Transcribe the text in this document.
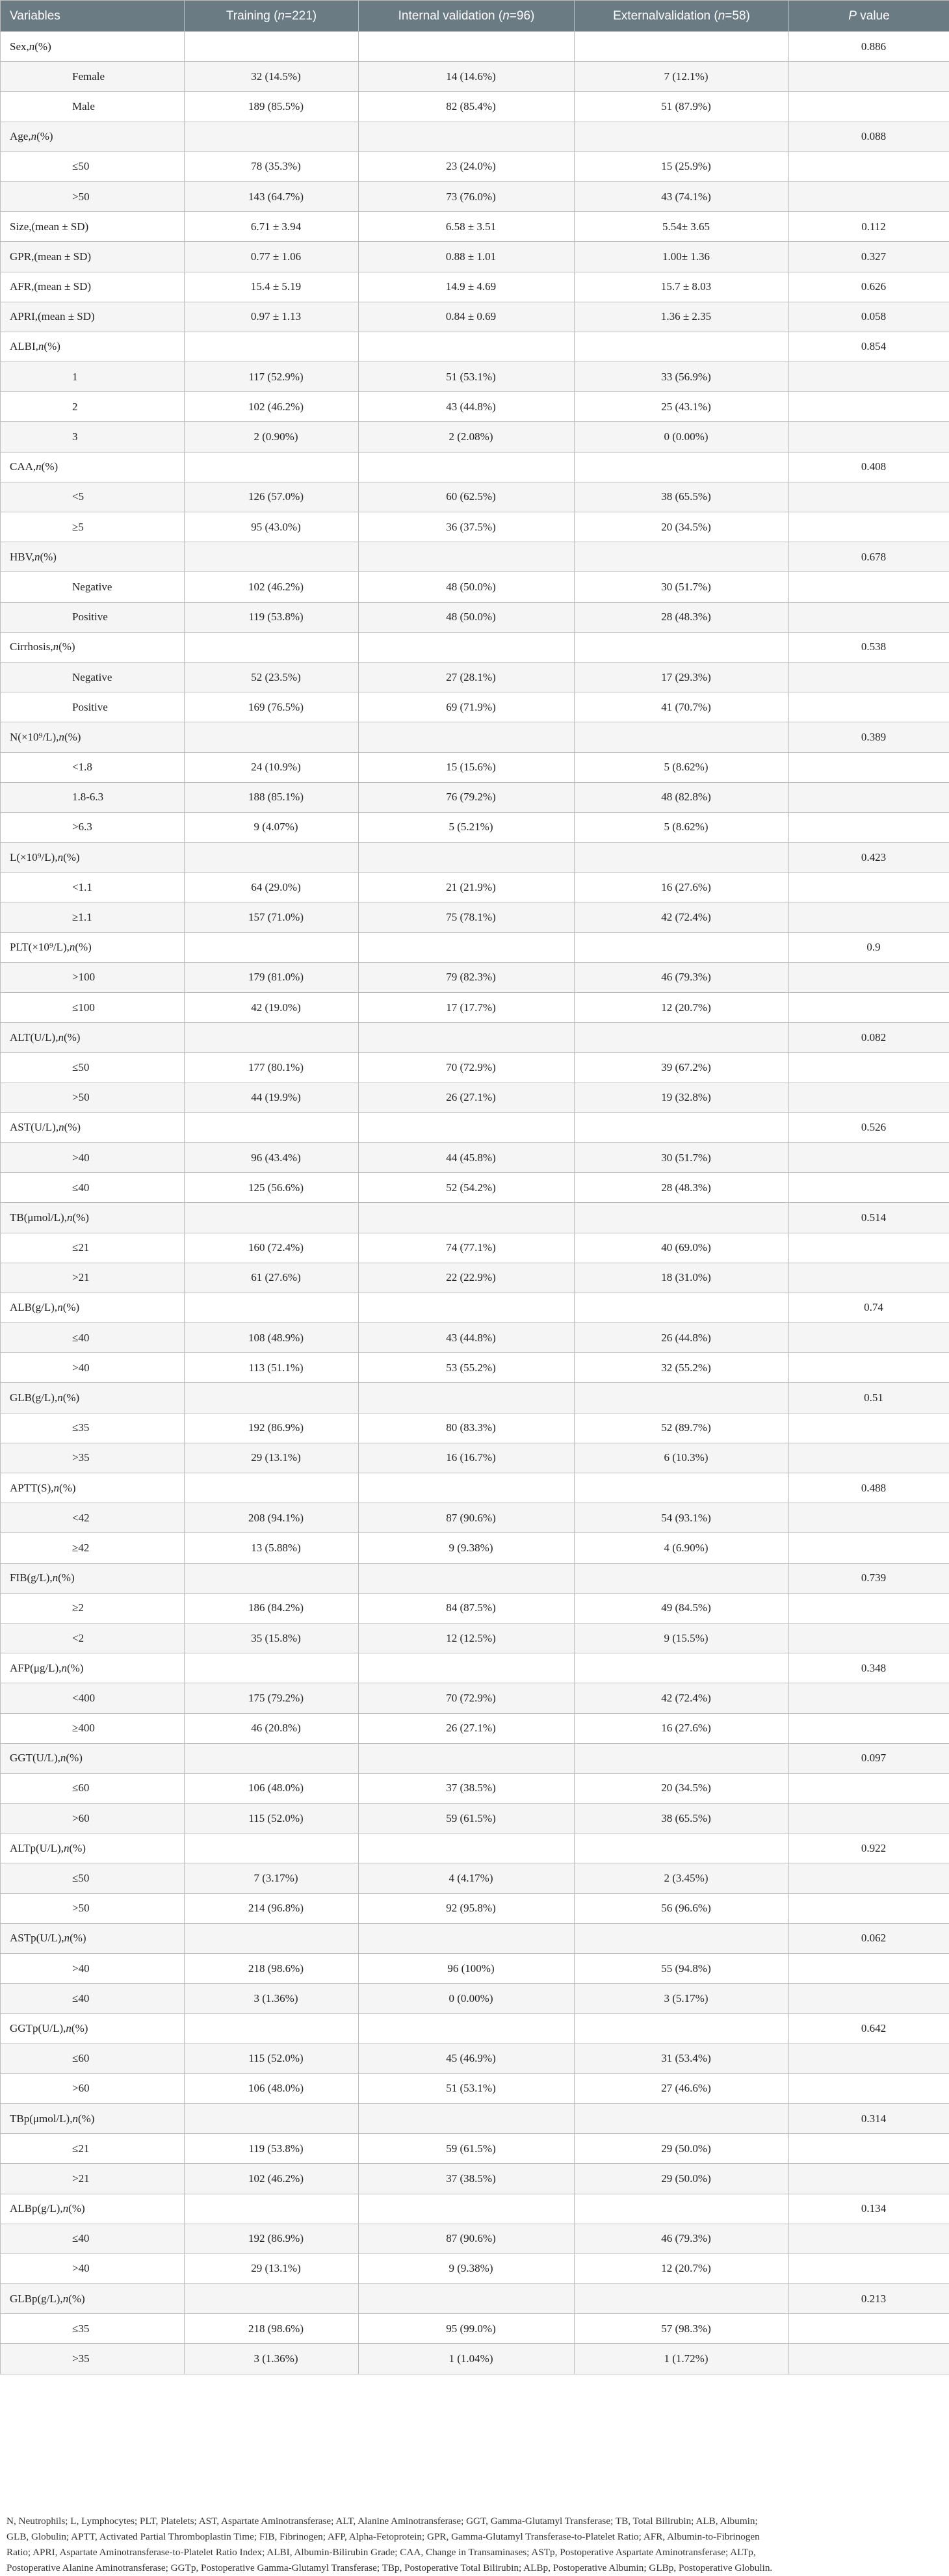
Variables	Training (n=221)	Internal validation (n=96)	Externalvalidation (n=58)	P value
Sex,n(%)				0.886
Female	32 (14.5%)	14 (14.6%)	7 (12.1%)	
Male	189 (85.5%)	82 (85.4%)	51 (87.9%)	
Age,n(%)				0.088
≤50	78 (35.3%)	23 (24.0%)	15 (25.9%)	
>50	143 (64.7%)	73 (76.0%)	43 (74.1%)	
Size,(mean ± SD)	6.71 ± 3.94	6.58 ± 3.51	5.54± 3.65	0.112
GPR,(mean ± SD)	0.77 ± 1.06	0.88 ± 1.01	1.00± 1.36	0.327
AFR,(mean ± SD)	15.4 ± 5.19	14.9 ± 4.69	15.7 ± 8.03	0.626
APRI,(mean ± SD)	0.97 ± 1.13	0.84 ± 0.69	1.36 ± 2.35	0.058
ALBI,n(%)				0.854
1	117 (52.9%)	51 (53.1%)	33 (56.9%)	
2	102 (46.2%)	43 (44.8%)	25 (43.1%)	
3	2 (0.90%)	2 (2.08%)	0 (0.00%)	
CAA,n(%)				0.408
<5	126 (57.0%)	60 (62.5%)	38 (65.5%)	
≥5	95 (43.0%)	36 (37.5%)	20 (34.5%)	
HBV,n(%)				0.678
Negative	102 (46.2%)	48 (50.0%)	30 (51.7%)	
Positive	119 (53.8%)	48 (50.0%)	28 (48.3%)	
Cirrhosis,n(%)				0.538
Negative	52 (23.5%)	27 (28.1%)	17 (29.3%)	
Positive	169 (76.5%)	69 (71.9%)	41 (70.7%)	
N(×10⁹/L),n(%)				0.389
<1.8	24 (10.9%)	15 (15.6%)	5 (8.62%)	
1.8-6.3	188 (85.1%)	76 (79.2%)	48 (82.8%)	
>6.3	9 (4.07%)	5 (5.21%)	5 (8.62%)	
L(×10⁹/L),n(%)				0.423
<1.1	64 (29.0%)	21 (21.9%)	16 (27.6%)	
≥1.1	157 (71.0%)	75 (78.1%)	42 (72.4%)	
PLT(×10⁹/L),n(%)				0.9
>100	179 (81.0%)	79 (82.3%)	46 (79.3%)	
≤100	42 (19.0%)	17 (17.7%)	12 (20.7%)	
ALT(U/L),n(%)				0.082
≤50	177 (80.1%)	70 (72.9%)	39 (67.2%)	
>50	44 (19.9%)	26 (27.1%)	19 (32.8%)	
AST(U/L),n(%)				0.526
>40	96 (43.4%)	44 (45.8%)	30 (51.7%)	
≤40	125 (56.6%)	52 (54.2%)	28 (48.3%)	
TB(μmol/L),n(%)				0.514
≤21	160 (72.4%)	74 (77.1%)	40 (69.0%)	
>21	61 (27.6%)	22 (22.9%)	18 (31.0%)	
ALB(g/L),n(%)				0.74
≤40	108 (48.9%)	43 (44.8%)	26 (44.8%)	
>40	113 (51.1%)	53 (55.2%)	32 (55.2%)	
GLB(g/L),n(%)				0.51
≤35	192 (86.9%)	80 (83.3%)	52 (89.7%)	
>35	29 (13.1%)	16 (16.7%)	6 (10.3%)	
APTT(S),n(%)				0.488
<42	208 (94.1%)	87 (90.6%)	54 (93.1%)	
≥42	13 (5.88%)	9 (9.38%)	4 (6.90%)	
FIB(g/L),n(%)				0.739
≥2	186 (84.2%)	84 (87.5%)	49 (84.5%)	
<2	35 (15.8%)	12 (12.5%)	9 (15.5%)	
AFP(μg/L),n(%)				0.348
<400	175 (79.2%)	70 (72.9%)	42 (72.4%)	
≥400	46 (20.8%)	26 (27.1%)	16 (27.6%)	
GGT(U/L),n(%)				0.097
≤60	106 (48.0%)	37 (38.5%)	20 (34.5%)	
>60	115 (52.0%)	59 (61.5%)	38 (65.5%)	
ALTp(U/L),n(%)				0.922
≤50	7 (3.17%)	4 (4.17%)	2 (3.45%)	
>50	214 (96.8%)	92 (95.8%)	56 (96.6%)	
ASTp(U/L),n(%)				0.062
>40	218 (98.6%)	96 (100%)	55 (94.8%)	
≤40	3 (1.36%)	0 (0.00%)	3 (5.17%)	
GGTp(U/L),n(%)				0.642
≤60	115 (52.0%)	45 (46.9%)	31 (53.4%)	
>60	106 (48.0%)	51 (53.1%)	27 (46.6%)	
TBp(μmol/L),n(%)				0.314
≤21	119 (53.8%)	59 (61.5%)	29 (50.0%)	
>21	102 (46.2%)	37 (38.5%)	29 (50.0%)	
ALBp(g/L),n(%)				0.134
≤40	192 (86.9%)	87 (90.6%)	46 (79.3%)	
>40	29 (13.1%)	9 (9.38%)	12 (20.7%)	
GLBp(g/L),n(%)				0.213
≤35	218 (98.6%)	95 (99.0%)	57 (98.3%)	
>35	3 (1.36%)	1 (1.04%)	1 (1.72%)	
N, Neutrophils; L, Lymphocytes; PLT, Platelets; AST, Aspartate Aminotransferase; ALT, Alanine Aminotransferase; GGT, Gamma-Glutamyl Transferase; TB, Total Bilirubin; ALB, Albumin;
GLB, Globulin; APTT, Activated Partial Thromboplastin Time; FIB, Fibrinogen; AFP, Alpha-Fetoprotein; GPR, Gamma-Glutamyl Transferase-to-Platelet Ratio; AFR, Albumin-to-Fibrinogen
Ratio; APRI, Aspartate Aminotransferase-to-Platelet Ratio Index; ALBI, Albumin-Bilirubin Grade; CAA, Change in Transaminases; ASTp, Postoperative Aspartate Aminotransferase; ALTp,
Postoperative Alanine Aminotransferase; GGTp, Postoperative Gamma-Glutamyl Transferase; TBp, Postoperative Total Bilirubin; ALBp, Postoperative Albumin; GLBp, Postoperative Globulin.
